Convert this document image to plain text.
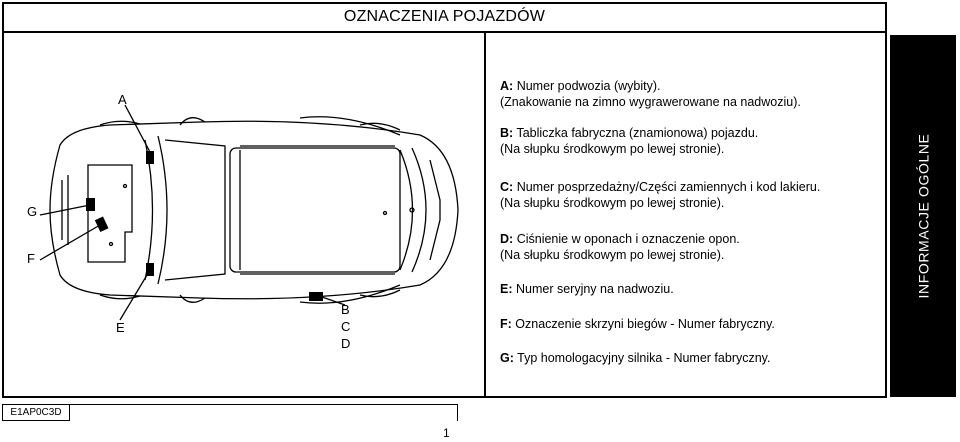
OZNACZENIA POJAZDÓW
A
G
F
E
B
C
D
A: Numer podwozia (wybity).
(Znakowanie na zimno wygrawerowane na nadwoziu).
B: Tabliczka fabryczna (znamionowa) pojazdu.
(Na słupku środkowym po lewej stronie).
C: Numer posprzedażny/Części zamiennych i kod lakieru.
(Na słupku środkowym po lewej stronie).
D: Ciśnienie w oponach i oznaczenie opon.
(Na słupku środkowym po lewej stronie).
E: Numer seryjny na nadwoziu.
F: Oznaczenie skrzyni biegów - Numer fabryczny.
G: Typ homologacyjny silnika - Numer fabryczny.
INFORMACJE OGÓLNE
E1AP0C3D
1
